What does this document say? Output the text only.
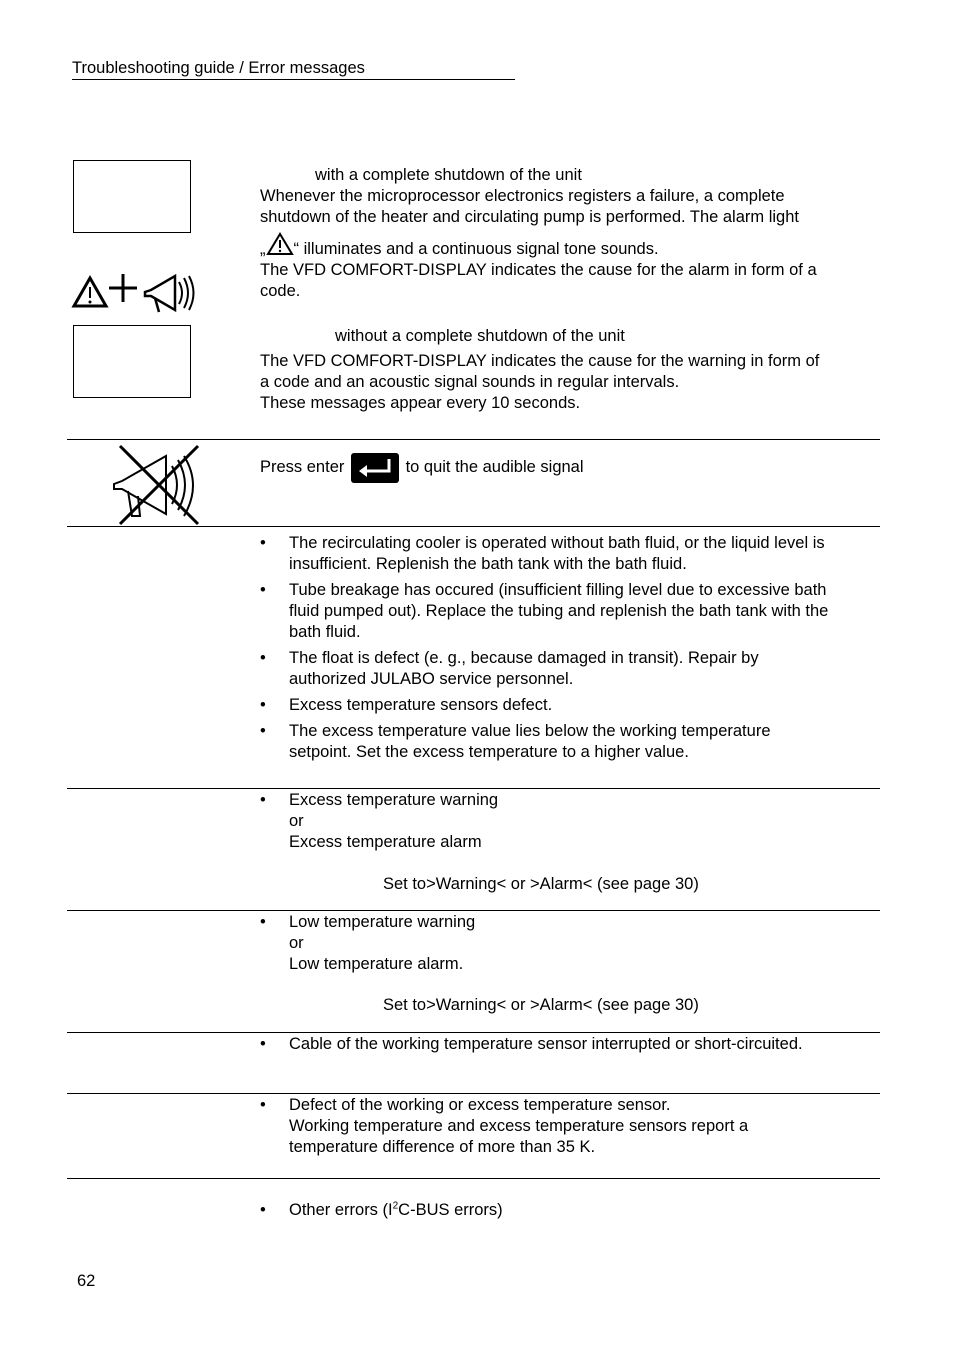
Troubleshooting guide / Error messages
with a complete shutdown of the unit
Whenever the microprocessor electronics registers a failure, a complete
shutdown of the heater and circulating pump is performed. The alarm light
„ “ illuminates and a continuous signal tone sounds.
The VFD COMFORT-DISPLAY indicates the cause for the alarm in form of a
code.
without a complete shutdown of the unit
The VFD COMFORT-DISPLAY indicates the cause for the warning in form of
a code and an acoustic signal sounds in regular intervals.
These messages appear every 10 seconds.
Press enter	to quit the audible signal
• The recirculating cooler is operated without bath fluid, or the liquid level is
insufficient. Replenish the bath tank with the bath fluid.
• Tube breakage has occured (insufficient filling level due to excessive bath
fluid pumped out). Replace the tubing and replenish the bath tank with the
bath fluid.
• The float is defect (e. g., because damaged in transit). Repair by
authorized JULABO service personnel.
• Excess temperature sensors defect.
• The excess temperature value lies below the working temperature
setpoint. Set the excess temperature to a higher value.
• Excess temperature warning
or
Excess temperature alarm
Set to>Warning< or >Alarm< (see page 30)
• Low temperature warning
or
Low temperature alarm.
Set to>Warning< or >Alarm< (see page 30)
• Cable of the working temperature sensor interrupted or short-circuited.
• Defect of the working or excess temperature sensor.
Working temperature and excess temperature sensors report a
temperature difference of more than 35 K.
• Other errors ($I^2C$-BUS errors)
62
